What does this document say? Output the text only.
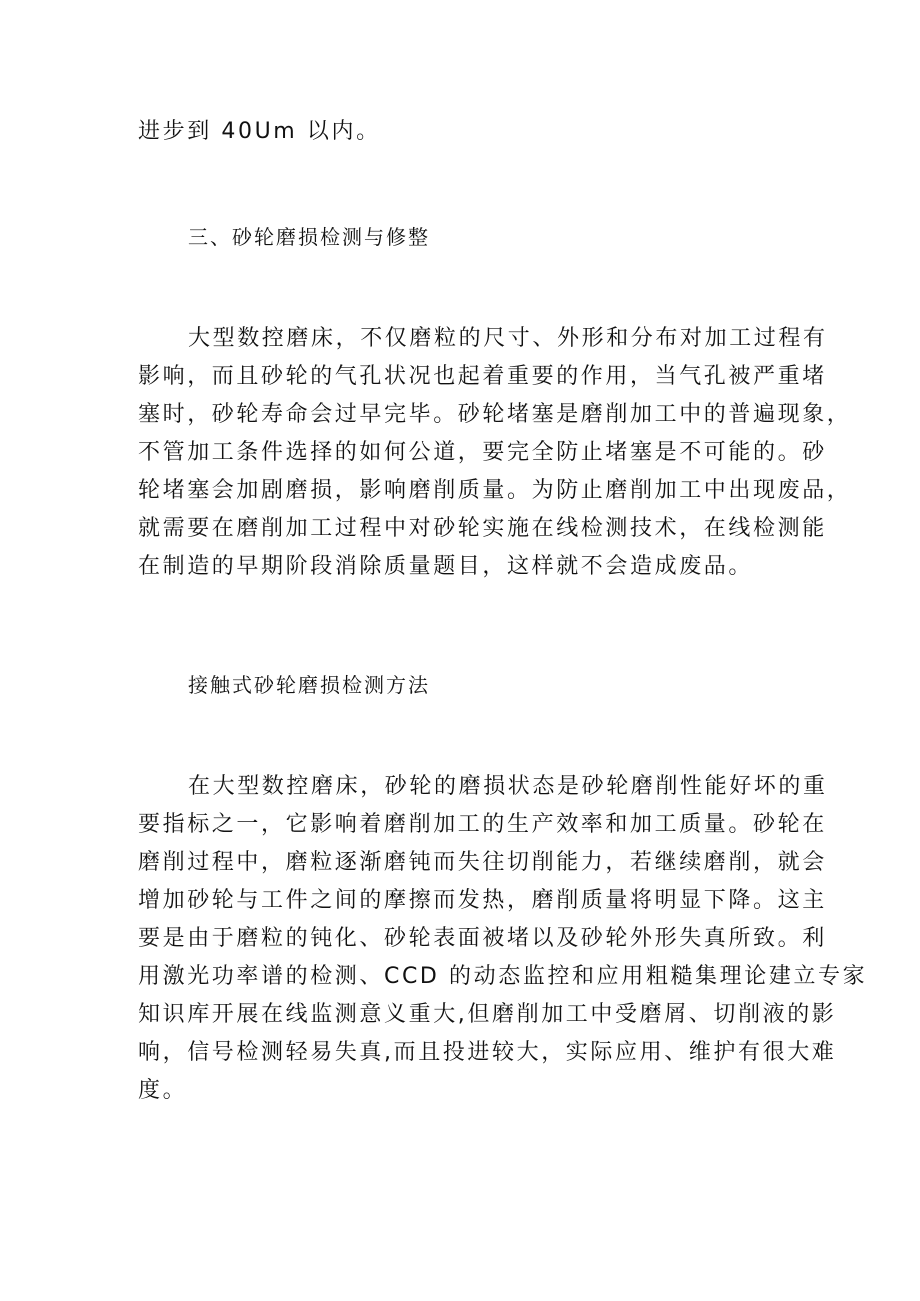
进步到 40Um 以内。
三、砂轮磨损检测与修整
大型数控磨床，不仅磨粒的尺寸、外形和分布对加工过程有
影响，而且砂轮的气孔状况也起着重要的作用，当气孔被严重堵
塞时，砂轮寿命会过早完毕。砂轮堵塞是磨削加工中的普遍现象，
不管加工条件选择的如何公道，要完全防止堵塞是不可能的。砂
轮堵塞会加剧磨损，影响磨削质量。为防止磨削加工中出现废品，
就需要在磨削加工过程中对砂轮实施在线检测技术，在线检测能
在制造的早期阶段消除质量题目，这样就不会造成废品。
接触式砂轮磨损检测方法
在大型数控磨床，砂轮的磨损状态是砂轮磨削性能好坏的重
要指标之一，它影响着磨削加工的生产效率和加工质量。砂轮在
磨削过程中，磨粒逐渐磨钝而失往切削能力，若继续磨削，就会
增加砂轮与工件之间的摩擦而发热，磨削质量将明显下降。这主
要是由于磨粒的钝化、砂轮表面被堵以及砂轮外形失真所致。利
用激光功率谱的检测、CCD 的动态监控和应用粗糙集理论建立专家
知识库开展在线监测意义重大,但磨削加工中受磨屑、切削液的影
响，信号检测轻易失真,而且投进较大，实际应用、维护有很大难
度。
